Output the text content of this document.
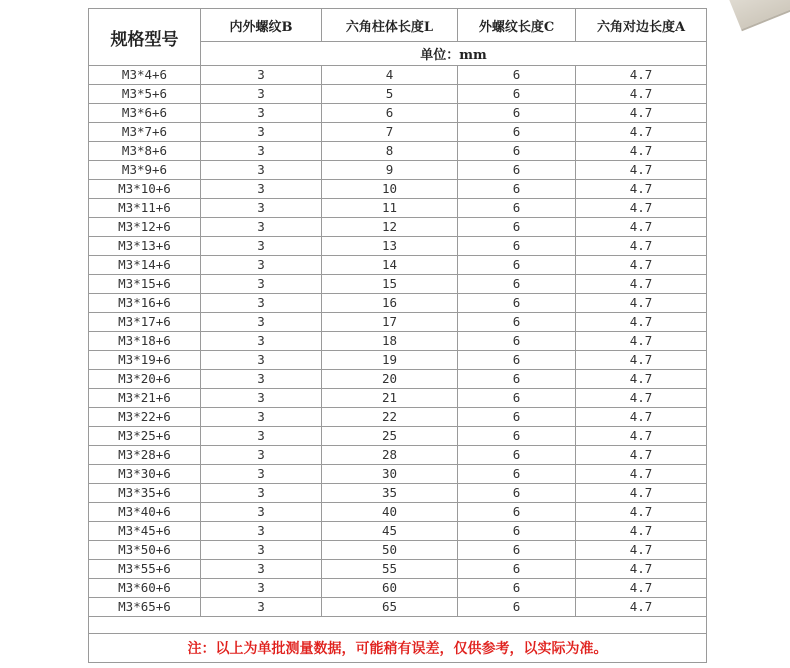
规格型号	内外螺纹B	六角柱体长度L	外螺纹长度C	六角对边长度A
	单位：mm			
M3*4+6	3	4	6	4.7
M3*5+6	3	5	6	4.7
M3*6+6	3	6	6	4.7
M3*7+6	3	7	6	4.7
M3*8+6	3	8	6	4.7
M3*9+6	3	9	6	4.7
M3*10+6	3	10	6	4.7
M3*11+6	3	11	6	4.7
M3*12+6	3	12	6	4.7
M3*13+6	3	13	6	4.7
M3*14+6	3	14	6	4.7
M3*15+6	3	15	6	4.7
M3*16+6	3	16	6	4.7
M3*17+6	3	17	6	4.7
M3*18+6	3	18	6	4.7
M3*19+6	3	19	6	4.7
M3*20+6	3	20	6	4.7
M3*21+6	3	21	6	4.7
M3*22+6	3	22	6	4.7
M3*25+6	3	25	6	4.7
M3*28+6	3	28	6	4.7
M3*30+6	3	30	6	4.7
M3*35+6	3	35	6	4.7
M3*40+6	3	40	6	4.7
M3*45+6	3	45	6	4.7
M3*50+6	3	50	6	4.7
M3*55+6	3	55	6	4.7
M3*60+6	3	60	6	4.7
M3*65+6	3	65	6	4.7

注：以上为单批测量数据，可能稍有误差，仅供参考，以实际为准。				
